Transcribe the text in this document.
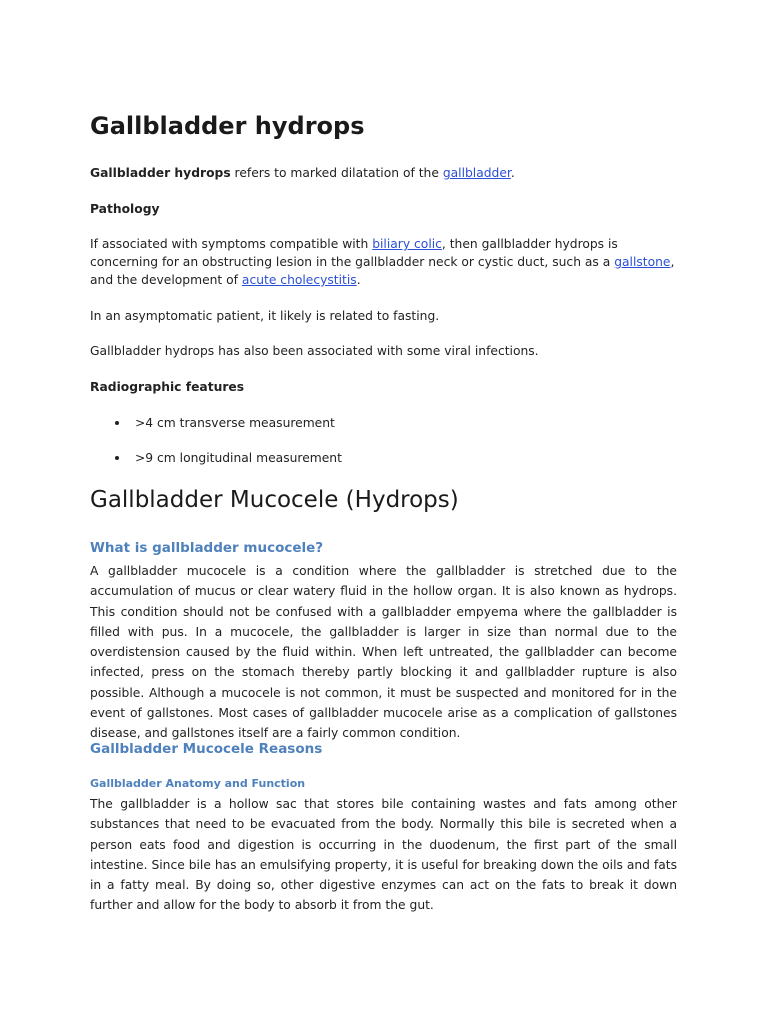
Gallbladder hydrops

Gallbladder hydrops refers to marked dilatation of the gallbladder.

Pathology

If associated with symptoms compatible with biliary colic, then gallbladder hydrops is concerning for an obstructing lesion in the gallbladder neck or cystic duct, such as a gallstone, and the development of acute cholecystitis.

In an asymptomatic patient, it likely is related to fasting.

Gallbladder hydrops has also been associated with some viral infections.

Radiographic features

>4 cm transverse measurement
>9 cm longitudinal measurement
Gallbladder Mucocele (Hydrops)
What is gallbladder mucocele?

A gallbladder mucocele is a condition where the gallbladder is stretched due to the accumulation of mucus or clear watery fluid in the hollow organ. It is also known as hydrops. This condition should not be confused with a gallbladder empyema where the gallbladder is filled with pus. In a mucocele, the gallbladder is larger in size than normal due to the overdistension caused by the fluid within. When left untreated, the gallbladder can become infected, press on the stomach thereby partly blocking it and gallbladder rupture is also possible. Although a mucocele is not common, it must be suspected and monitored for in the event of gallstones. Most cases of gallbladder mucocele arise as a complication of gallstones disease, and gallstones itself are a fairly common condition.

Gallbladder Mucocele Reasons
Gallbladder Anatomy and Function

The gallbladder is a hollow sac that stores bile containing wastes and fats among other substances that need to be evacuated from the body. Normally this bile is secreted when a person eats food and digestion is occurring in the duodenum, the first part of the small intestine. Since bile has an emulsifying property, it is useful for breaking down the oils and fats in a fatty meal. By doing so, other digestive enzymes can act on the fats to break it down further and allow for the body to absorb it from the gut.
